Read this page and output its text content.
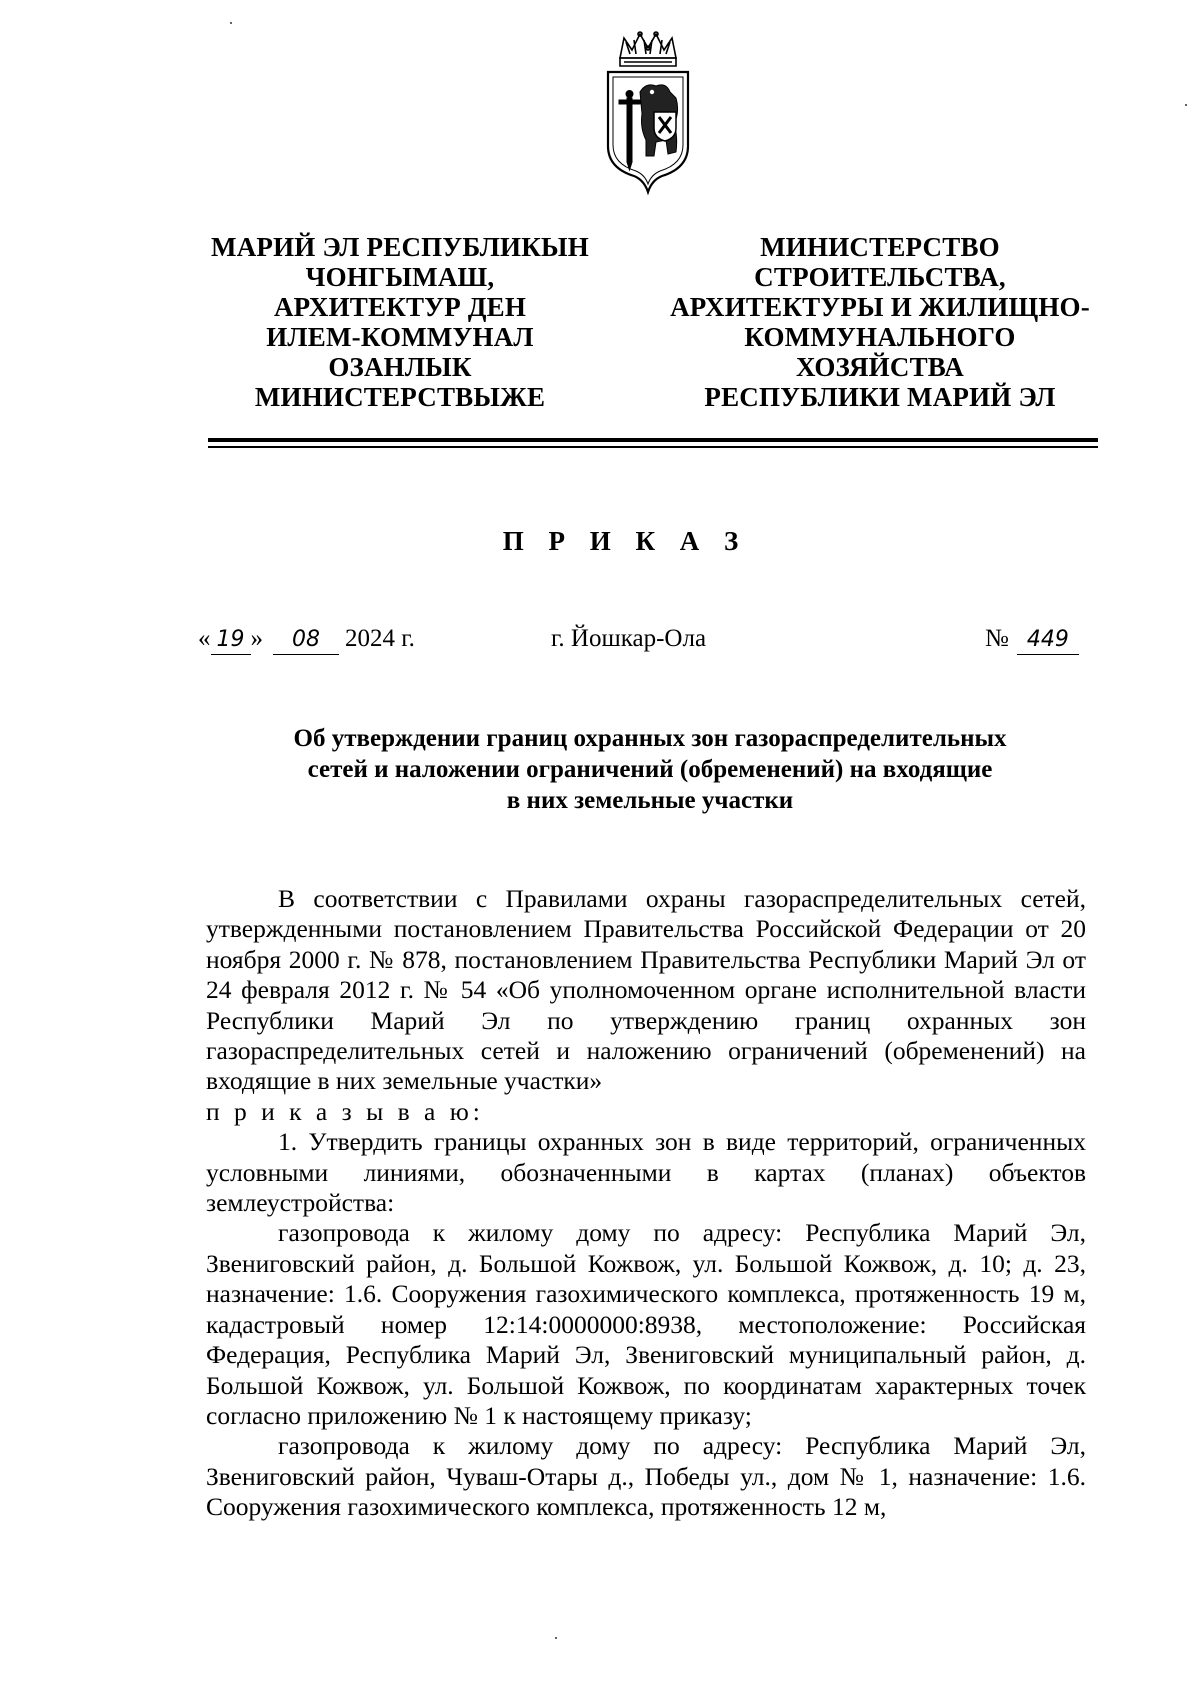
МАРИЙ ЭЛ РЕСПУБЛИКЫН
ЧОНГЫМАШ,
АРХИТЕКТУР ДЕН
ИЛЕМ-КОММУНАЛ
ОЗАНЛЫК
МИНИСТЕРСТВЫЖЕ
МИНИСТЕРСТВО
СТРОИТЕЛЬСТВА,
АРХИТЕКТУРЫ И ЖИЛИЩНО-
КОММУНАЛЬНОГО
ХОЗЯЙСТВА
РЕСПУБЛИКИ МАРИЙ ЭЛ
П Р И К А З
« 19 » 08 2024 г.	г. Йошкар-Ола	№ 449
Об утверждении границ охранных зон газораспределительных
сетей и наложении ограничений (обременений) на входящие
в них земельные участки

В соответствии с Правилами охраны газораспределительных сетей, утвержденными постановлением Правительства Российской Федерации от 20 ноября 2000 г. № 878, постановлением Правительства Республики Марий Эл от 24 февраля 2012 г. № 54 «Об уполномоченном органе исполнительной власти Республики Марий Эл по утверждению границ охранных зон газораспределительных сетей и наложению ограничений (обременений) на входящие в них земельные участки»

п р и к а з ы в а ю:

1. Утвердить границы охранных зон в виде территорий, ограниченных условными линиями, обозначенными в картах (планах) объектов землеустройства:

газопровода к жилому дому по адресу: Республика Марий Эл, Звениговский район, д. Большой Кожвож, ул. Большой Кожвож, д. 10; д. 23, назначение: 1.6. Сооружения газохимического комплекса, протяженность 19 м, кадастровый номер 12:14:0000000:8938, местоположение: Российская Федерация, Республика Марий Эл, Звениговский муниципальный район, д. Большой Кожвож, ул. Большой Кожвож, по координатам характерных точек согласно приложению № 1 к настоящему приказу;

газопровода к жилому дому по адресу: Республика Марий Эл, Звениговский район, Чуваш-Отары д., Победы ул., дом № 1, назначение: 1.6. Сооружения газохимического комплекса, протяженность 12 м,
